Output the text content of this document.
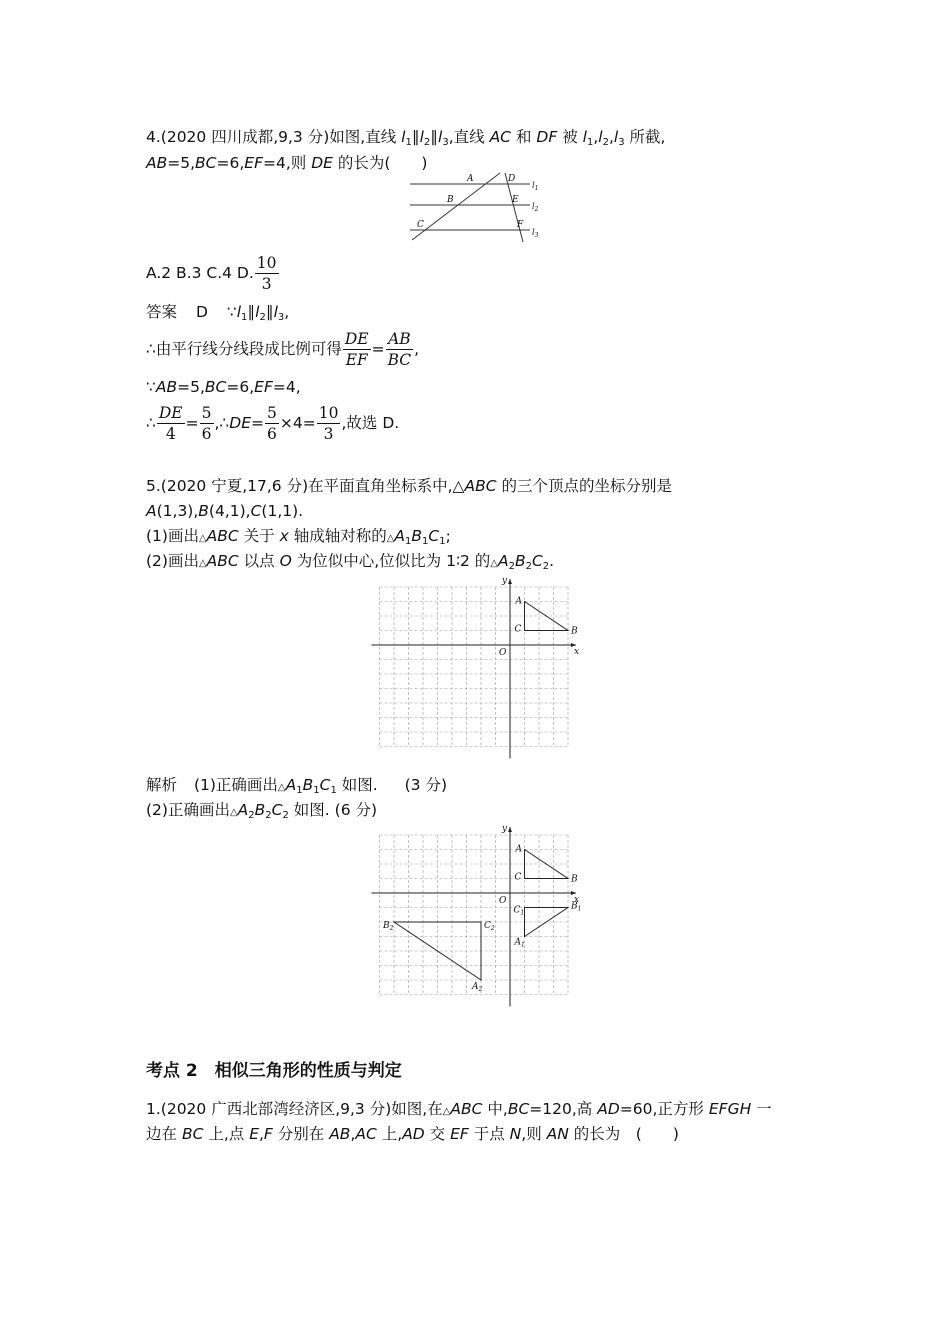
4.(2020 四川成都,9,3 分)如图,直线 $l_1\parallel l_2\parallel l_3$,直线 AC 和 DF 被 $l_1,l_2,l_3$ 所截,
AB=5,BC=6,EF=4,则 DE 的长为(　　)
A
B
C
D
E
F
$l_1$
$l_2$
$l_3$
A.2 B.3 C.4 D. $\frac{10}{3}$
答案 D $\because l_1\parallel l_2\parallel l_3$,
∴由平行线分线段成比例可得 $\frac{DE}{EF} = \frac{AB}{BC}$ ,
∵AB=5,BC=6,EF=4,
∴ $\frac{DE}{4} = \frac{5}{6}$ ,∴DE= $\frac{5}{6} \times 4= \frac{10}{3}$ ,故选 D.
5.(2020 宁夏,17,6 分)在平面直角坐标系中,△ABC 的三个顶点的坐标分别是
A(1,3),B(4,1),C(1,1).
(1)画出△ABC 关于 x 轴成轴对称的$\triangle A_1B_1C_1$;
(2)画出△ABC 以点 O 为位似中心,位似比为 1∶2 的$\triangle A_2B_2C_2$.
A
B
C
O	x
y
解析 (1)正确画出$\triangle A_1B_1C_1$ 如图. (3 分)
(2)正确画出$\triangle A_2B_2C_2$ 如图. (6 分)
A
B
C
O	x
y
$A_1$
$B_1$
$C_1$
$A_2$
$B_2$	$C_2$
考点 2　相似三角形的性质与判定
1.(2020 广西北部湾经济区,9,3 分)如图,在△ABC 中,BC=120,高 AD=60,正方形 EFGH 一
边在 BC 上,点 E,F 分别在 AB,AC 上,AD 交 EF 于点 N,则 AN 的长为　(　　)
